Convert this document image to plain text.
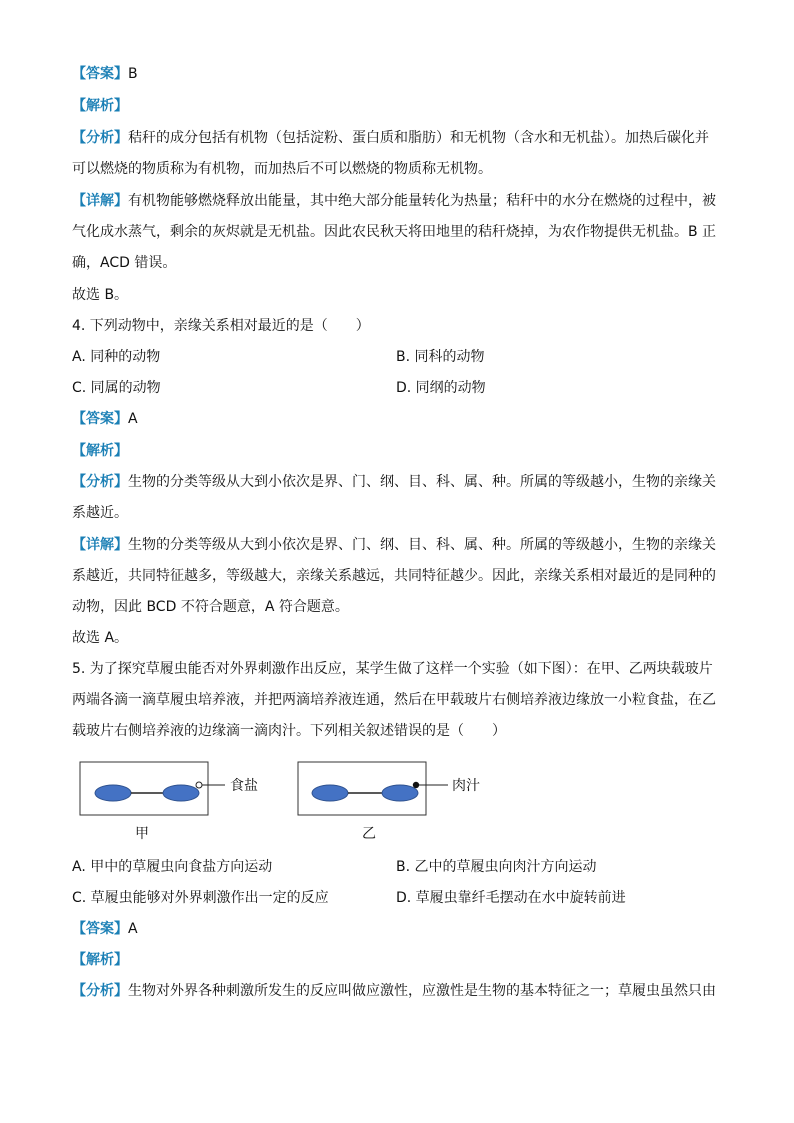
【答案】B
【解析】
【分析】秸秆的成分包括有机物（包括淀粉、蛋白质和脂肪）和无机物（含水和无机盐）。加热后碳化并
可以燃烧的物质称为有机物，而加热后不可以燃烧的物质称无机物。
【详解】有机物能够燃烧释放出能量，其中绝大部分能量转化为热量；秸秆中的水分在燃烧的过程中，被
气化成水蒸气，剩余的灰烬就是无机盐。因此农民秋天将田地里的秸秆烧掉，为农作物提供无机盐。B 正
确，ACD 错误。
故选 B。
4. 下列动物中，亲缘关系相对最近的是（　　）
A. 同种的动物	B. 同科的动物
C. 同属的动物	D. 同纲的动物
【答案】A
【解析】
【分析】生物的分类等级从大到小依次是界、门、纲、目、科、属、种。所属的等级越小，生物的亲缘关
系越近。
【详解】生物的分类等级从大到小依次是界、门、纲、目、科、属、种。所属的等级越小，生物的亲缘关
系越近，共同特征越多，等级越大，亲缘关系越远，共同特征越少。因此，亲缘关系相对最近的是同种的
动物，因此 BCD 不符合题意，A 符合题意。
故选 A。
5. 为了探究草履虫能否对外界刺激作出反应，某学生做了这样一个实验（如下图）：在甲、乙两块载玻片
两端各滴一滴草履虫培养液，并把两滴培养液连通，然后在甲载玻片右侧培养液边缘放一小粒食盐，在乙
载玻片右侧培养液的边缘滴一滴肉汁。下列相关叙述错误的是（　　）
食盐
甲
肉汁
乙
A. 甲中的草履虫向食盐方向运动	B. 乙中的草履虫向肉汁方向运动
C. 草履虫能够对外界刺激作出一定的反应	D. 草履虫靠纤毛摆动在水中旋转前进
【答案】A
【解析】
【分析】生物对外界各种刺激所发生的反应叫做应激性，应激性是生物的基本特征之一；草履虫虽然只由
